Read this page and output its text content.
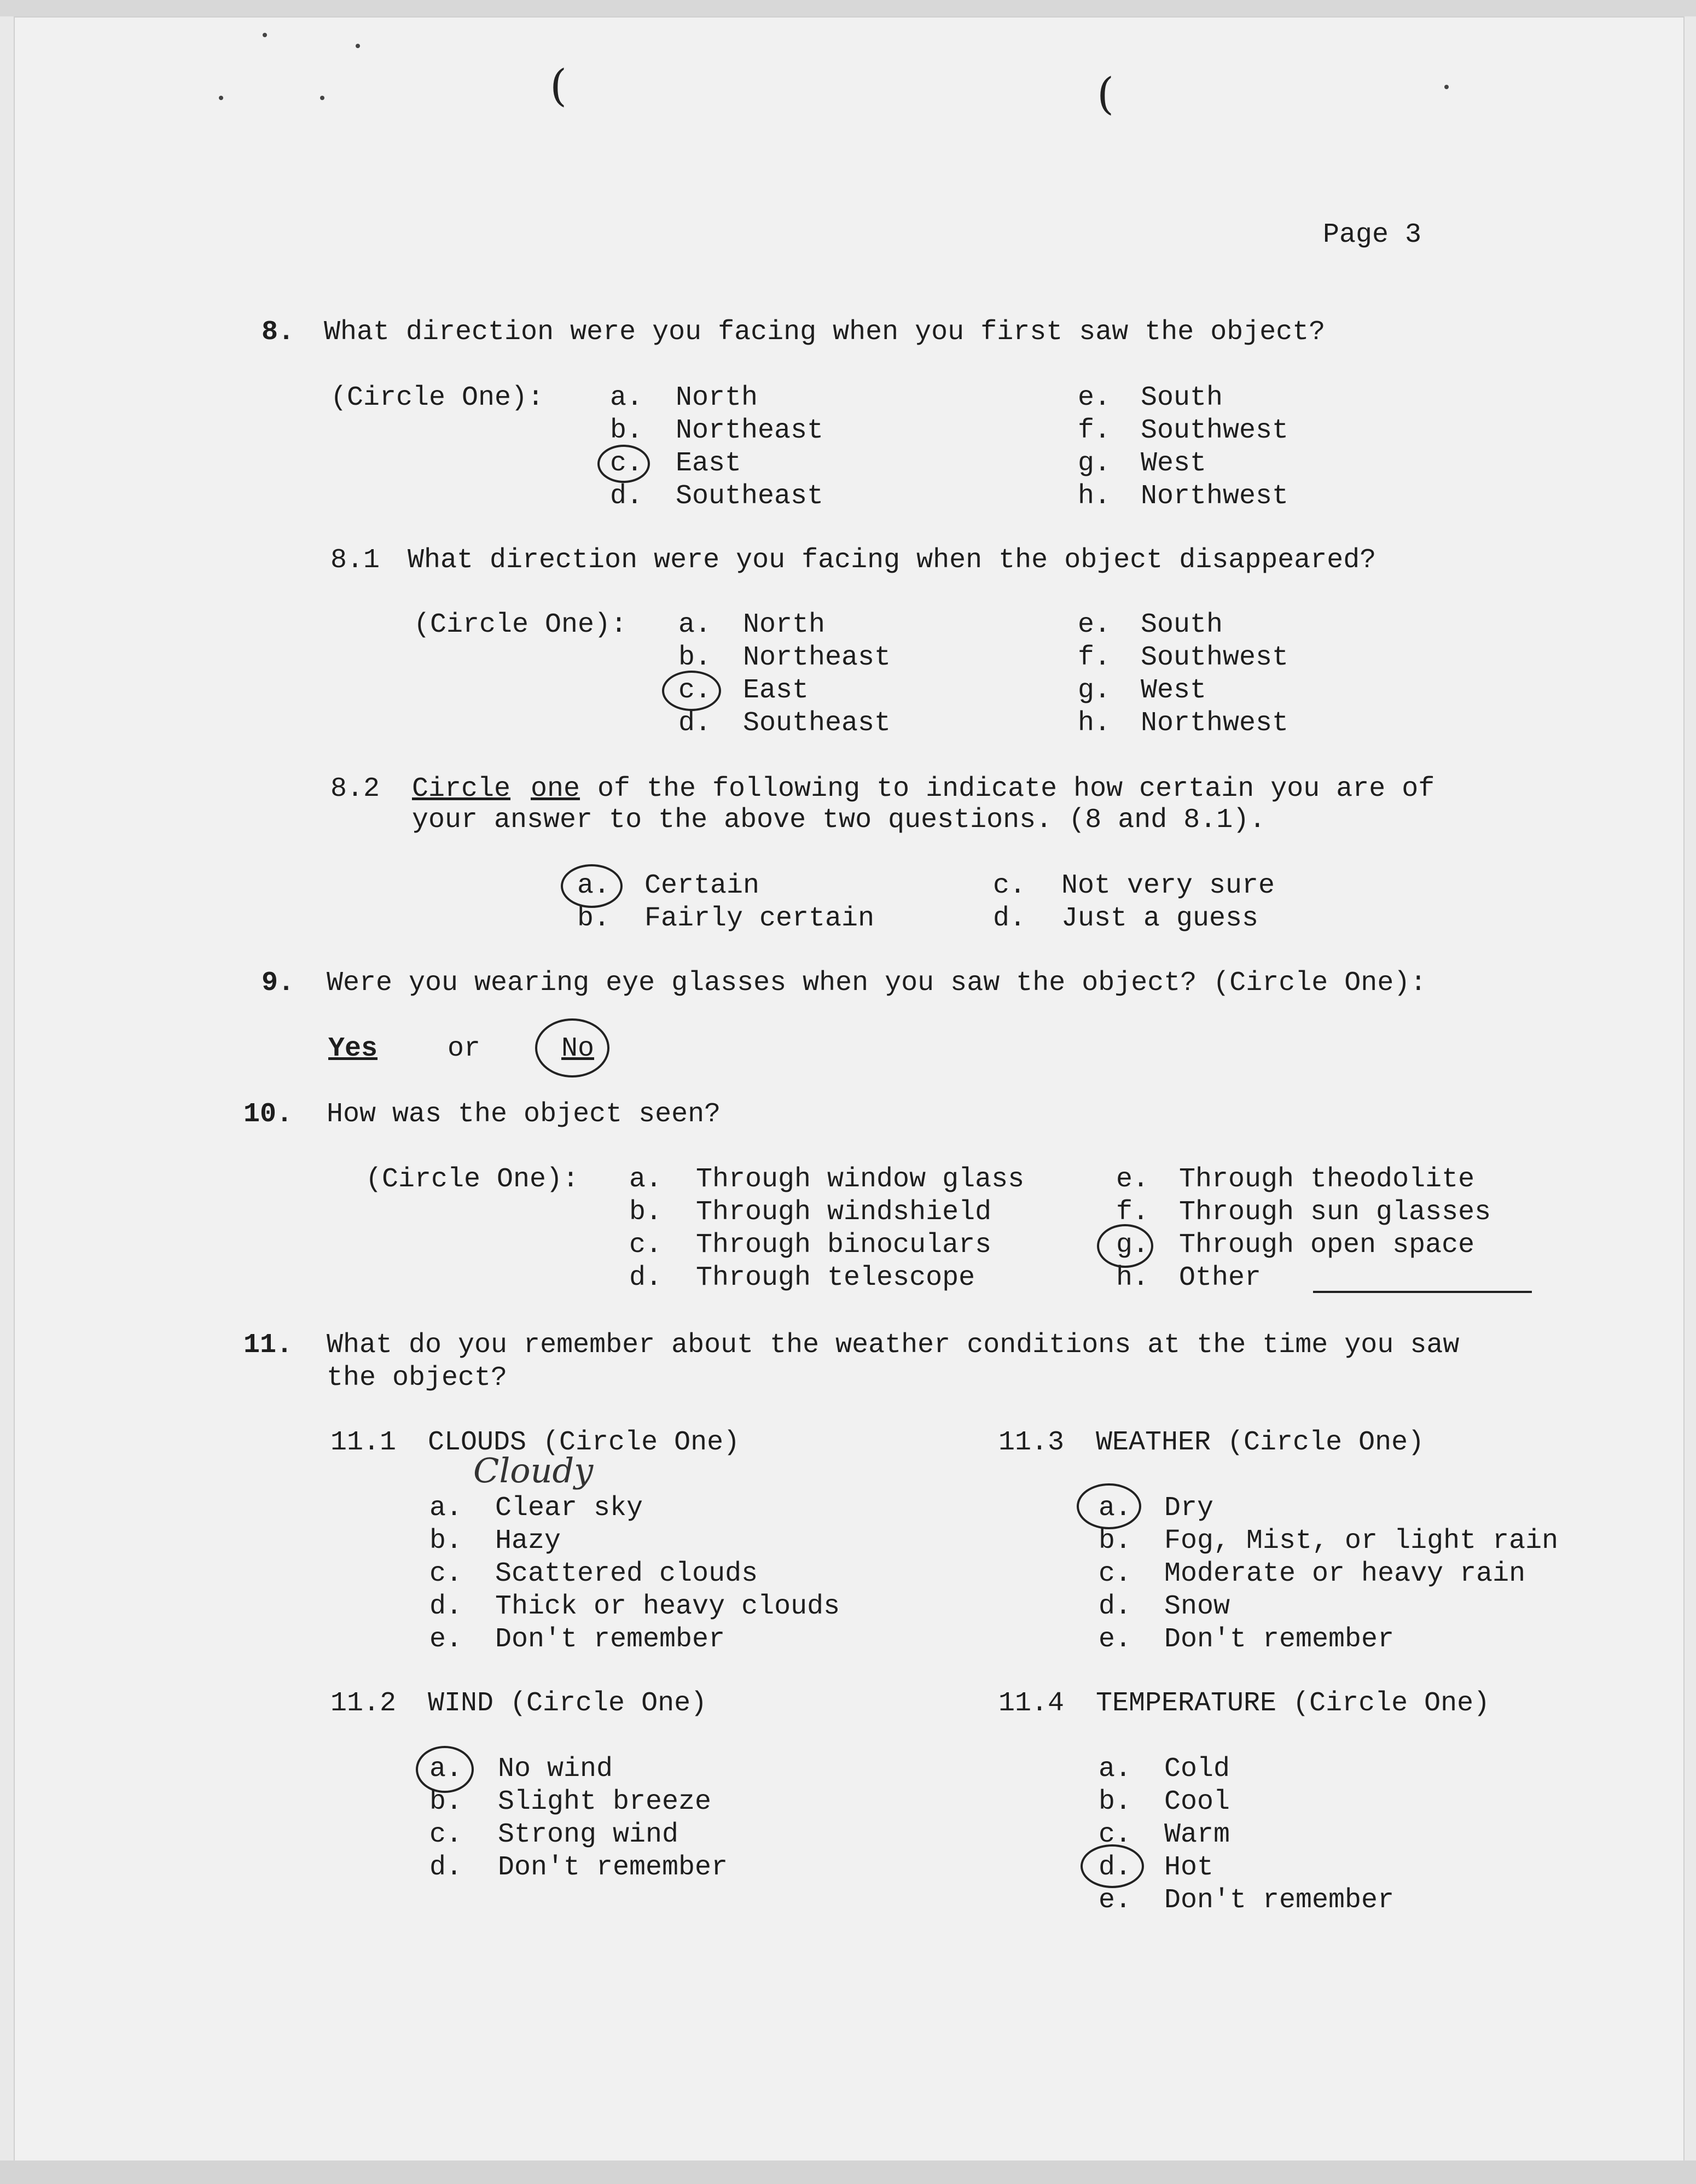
(	(
Page 3
8. What direction were you facing when you first saw the object?
(Circle One): a. North
b. Northeast
c. East
d. Southeast
e. South
f. Southwest
g. West
h. Northwest
8.1 What direction were you facing when the object disappeared?
(Circle One): a. North
b. Northeast
c. East
d. Southeast
e. South
f. Southwest
g. West
h. Northwest
8.2 Circle one of the following to indicate how certain you are of
your answer to the above two questions. (8 and 8.1).
a. Certain
b. Fairly certain
c. Not very sure
d. Just a guess
9. Were you wearing eye glasses when you saw the object? (Circle One):
Yes	or	No
10. How was the object seen?
(Circle One): a. Through window glass
b. Through windshield
c. Through binoculars
d. Through telescope
e. Through theodolite
f. Through sun glasses
g. Through open space
h. Other
11. What do you remember about the weather conditions at the time you saw
the object?
11.1 CLOUDS (Circle One)
Cloudy
a. Clear sky
b. Hazy
c. Scattered clouds
d. Thick or heavy clouds
e. Don't remember
11.2 WIND (Circle One)
a. No wind
b. Slight breeze
c. Strong wind
d. Don't remember
11.3 WEATHER (Circle One)
a. Dry
b. Fog, Mist, or light rain
c. Moderate or heavy rain
d. Snow
e. Don't remember
11.4 TEMPERATURE (Circle One)
a. Cold
b. Cool
c. Warm
d. Hot
e. Don't remember
